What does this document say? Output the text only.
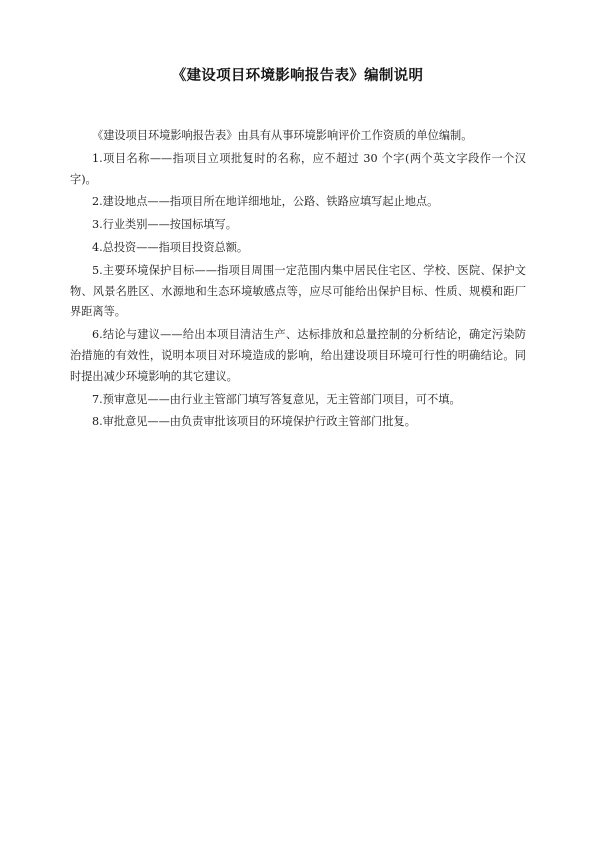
《建设项目环境影响报告表》编制说明

《建设项目环境影响报告表》由具有从事环境影响评价工作资质的单位编制。

1.项目名称——指项目立项批复时的名称，应不超过 30 个字(两个英文字段作一个汉字)。

2.建设地点——指项目所在地详细地址，公路、铁路应填写起止地点。

3.行业类别——按国标填写。

4.总投资——指项目投资总额。

5.主要环境保护目标——指项目周围一定范围内集中居民住宅区、学校、医院、保护文物、风景名胜区、水源地和生态环境敏感点等，应尽可能给出保护目标、性质、规模和距厂界距离等。

6.结论与建议——给出本项目清洁生产、达标排放和总量控制的分析结论，确定污染防治措施的有效性，说明本项目对环境造成的影响，给出建设项目环境可行性的明确结论。同时提出减少环境影响的其它建议。

7.预审意见——由行业主管部门填写答复意见，无主管部门项目，可不填。

8.审批意见——由负责审批该项目的环境保护行政主管部门批复。
